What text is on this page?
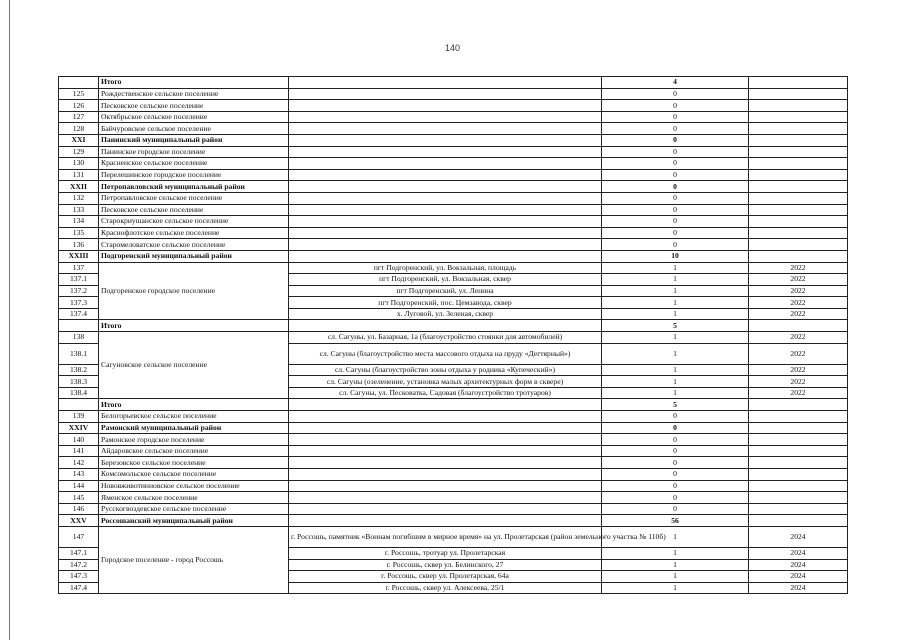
140
	Итого		4	
125	Рождественское сельское поселение		0	
126	Песковское сельское поселение		0	
127	Октябрьское сельское поселение		0	
128	Байчуровское сельское поселение		0	
XXI	Панинский муниципальный район		0	
129	Панинское городское поселение		0	
130	Красненское сельское поселение		0	
131	Перелешинское городское поселение		0	
XXII	Петропавловский муниципальный район		0	
132	Петропавловское сельское поселение		0	
133	Песковское сельское поселение		0	
134	Старокриушанское сельское поселение		0	
135	Краснофлотское сельское поселение		0	
136	Старомеловатское сельское поселение		0	
XXIII	Подгоренский муниципальный район		10	
137	Подгоренское городское поселение	пгт Подгоренский, ул. Вокзальная, площадь	1	2022
137.1		пгт Подгоренский, ул. Вокзальная, сквер	1	2022
137.2		пгт Подгоренский, ул. Ленина	1	2022
137.3		пгт Подгоренский, пос. Цемзавода, сквер	1	2022
137.4		х. Луговой, ул. Зеленая, сквер	1	2022
	Итого		5	
138	Сагуновское сельское поселение	сл. Сагуны, ул. Базарная, 1а (благоустройство стоянки для автомобилей)	1	2022
138.1		сл. Сагуны (благоустройство места массового отдыха на пруду «Дегтярный»)	1	2022
138.2		сл. Сагуны (благоустройство зоны отдыха у родника «Купеческий»)	1	2022
138.3		сл. Сагуны (озеленение, установка малых архитектурных форм в сквере)	1	2022
138.4		сл. Сагуны, ул. Песковатка, Садовая (благоустройство тротуаров)	1	2022
	Итого		5	
139	Белогорьевское сельское поселение		0	
XXIV	Рамонский муниципальный район		0	
140	Рамонское городское поселение		0	
141	Айдаровское сельское поселение		0	
142	Березовское сельское поселение		0	
143	Комсомольское сельское поселение		0	
144	Нововживотинновское сельское поселение		0	
145	Яменское сельское поселение		0	
146	Русскогвоздевское сельское поселение		0	
XXV	Россошанский муниципальный район		56	
147	Городское поселение - город Россошь	г. Россошь, памятник «Воинам погибшим в мирное время» на ул. Пролетарская (район земельного участка № 110б)	1	2024
147.1		г. Россошь, тротуар ул. Пролетарская	1	2024
147.2		г. Россошь, сквер ул. Белинского, 27	1	2024
147.3		г. Россошь, сквер ул. Пролетарская, 64а	1	2024
147.4		г. Россошь, сквер ул. Алексеева, 25/1	1	2024
